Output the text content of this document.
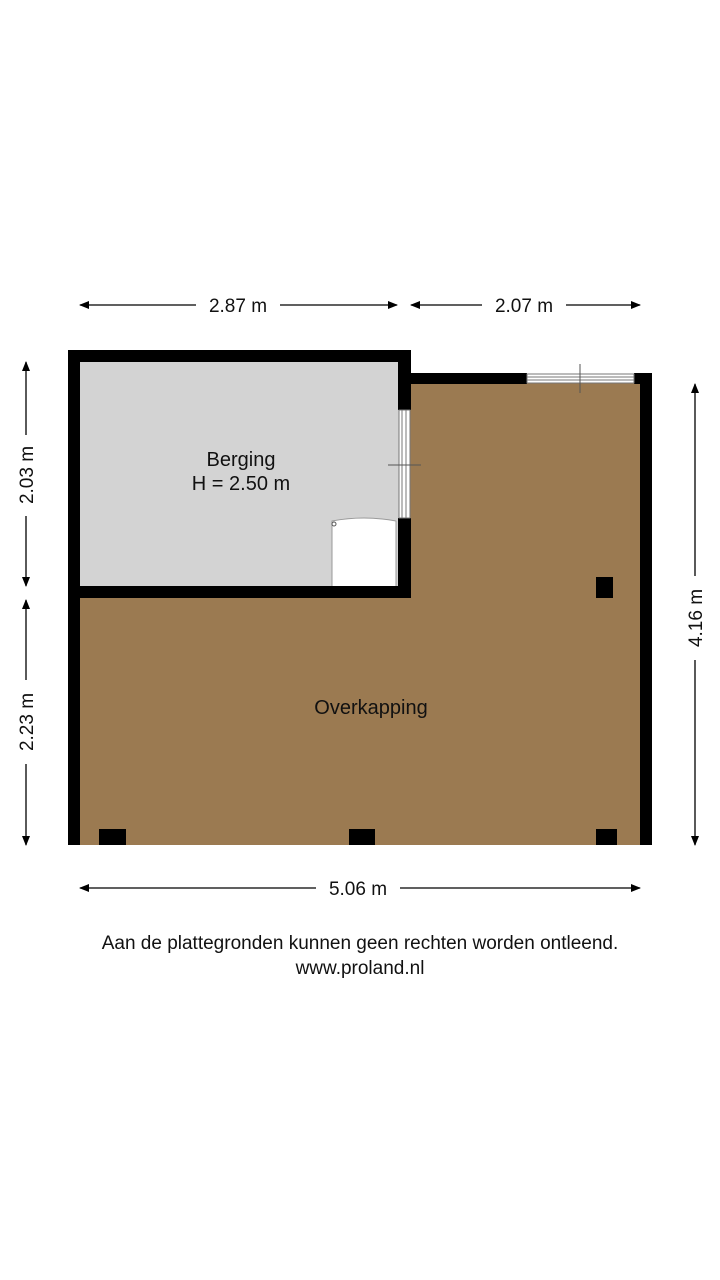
2.87 m	2.07 m
5.06 m
2.03 m
2.23 m
4.16 m
Berging
H = 2.50 m
Overkapping
Aan de plattegronden kunnen geen rechten worden ontleend.
www.proland.nl
